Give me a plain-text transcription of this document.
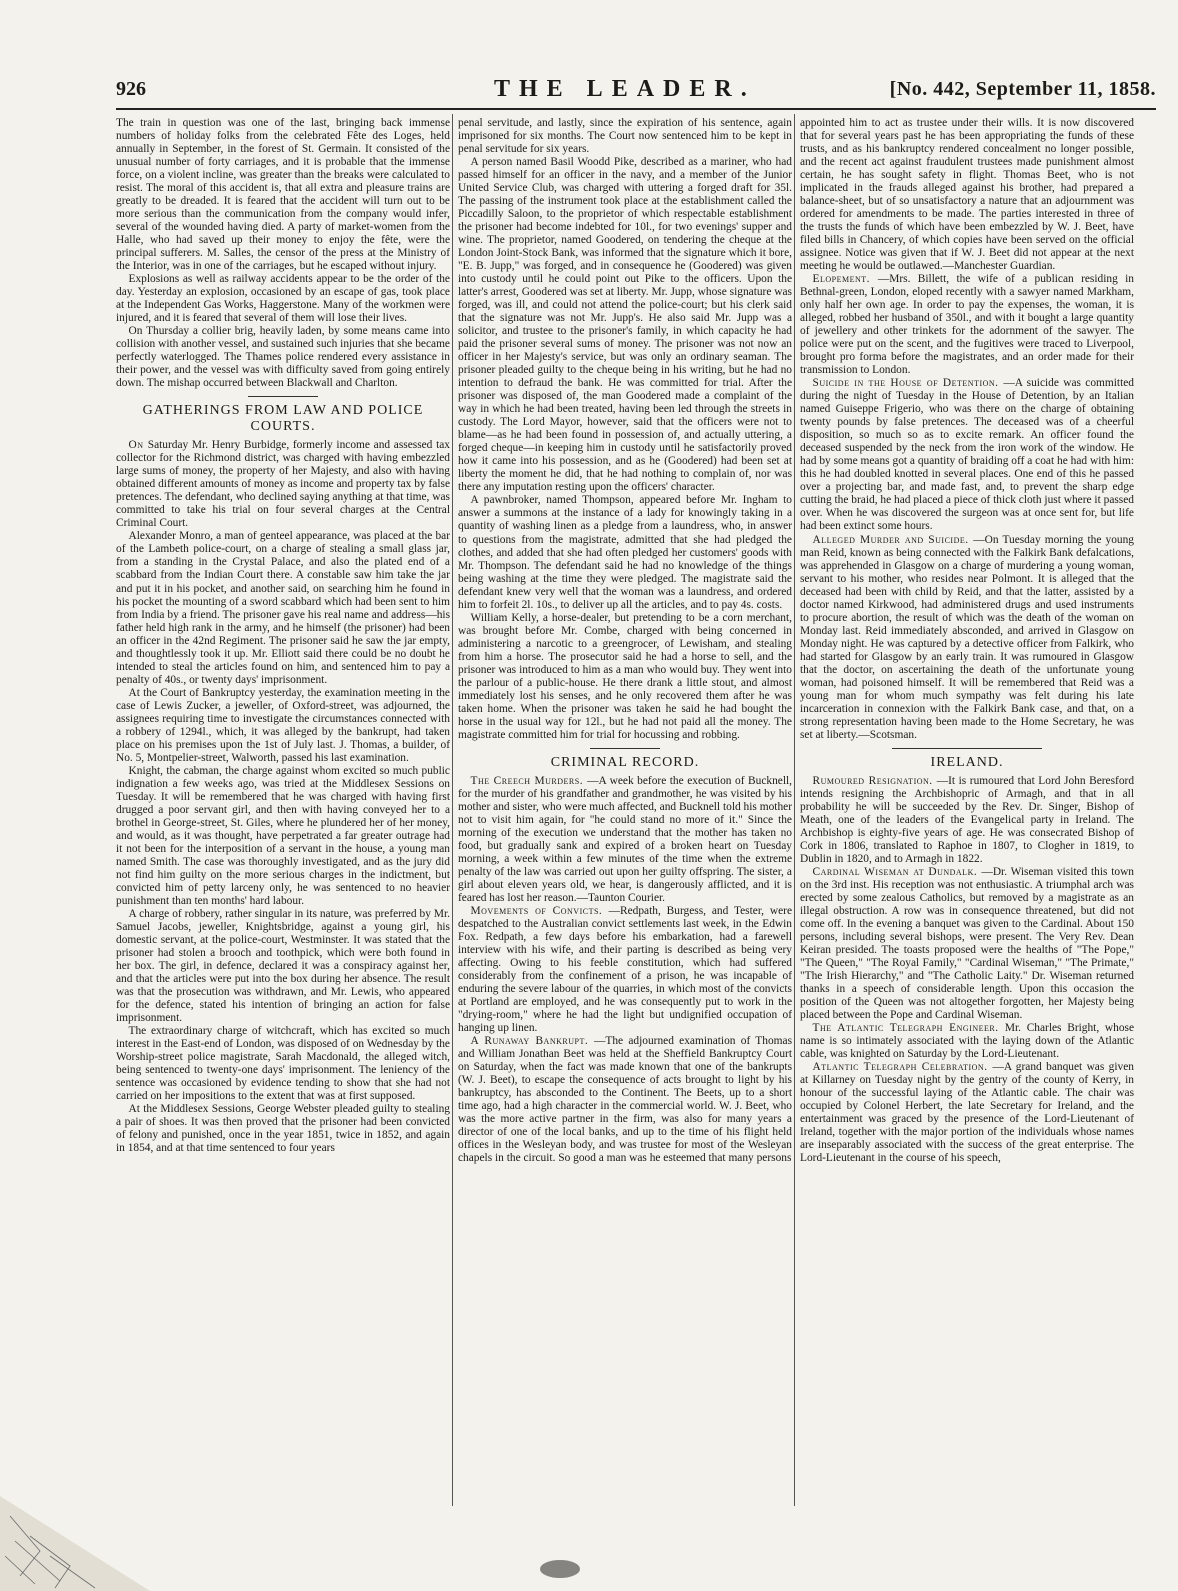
926	THE LEADER.	[No. 442, September 11, 1858.

The train in question was one of the last, bringing back immense numbers of holiday folks from the celebrated Fête des Loges, held annually in September, in the forest of St. Germain. It consisted of the unusual number of forty carriages, and it is probable that the immense force, on a violent incline, was greater than the breaks were calculated to resist. The moral of this accident is, that all extra and pleasure trains are greatly to be dreaded. It is feared that the accident will turn out to be more serious than the communication from the company would infer, several of the wounded having died. A party of market-women from the Halle, who had saved up their money to enjoy the fête, were the principal sufferers. M. Salles, the censor of the press at the Ministry of the Interior, was in one of the carriages, but he escaped without injury.

Explosions as well as railway accidents appear to be the order of the day. Yesterday an explosion, occasioned by an escape of gas, took place at the Independent Gas Works, Haggerstone. Many of the workmen were injured, and it is feared that several of them will lose their lives.

On Thursday a collier brig, heavily laden, by some means came into collision with another vessel, and sustained such injuries that she became perfectly waterlogged. The Thames police rendered every assistance in their power, and the vessel was with difficulty saved from going entirely down. The mishap occurred between Blackwall and Charlton.

GATHERINGS FROM LAW AND POLICE COURTS.

On Saturday Mr. Henry Burbidge, formerly income and assessed tax collector for the Richmond district, was charged with having embezzled large sums of money, the property of her Majesty, and also with having obtained different amounts of money as income and property tax by false pretences. The defendant, who declined saying anything at that time, was committed to take his trial on four several charges at the Central Criminal Court.

Alexander Monro, a man of genteel appearance, was placed at the bar of the Lambeth police-court, on a charge of stealing a small glass jar, from a standing in the Crystal Palace, and also the plated end of a scabbard from the Indian Court there. A constable saw him take the jar and put it in his pocket, and another said, on searching him he found in his pocket the mounting of a sword scabbard which had been sent to him from India by a friend. The prisoner gave his real name and address—his father held high rank in the army, and he himself (the prisoner) had been an officer in the 42nd Regiment. The prisoner said he saw the jar empty, and thoughtlessly took it up. Mr. Elliott said there could be no doubt he intended to steal the articles found on him, and sentenced him to pay a penalty of 40s., or twenty days' imprisonment.

At the Court of Bankruptcy yesterday, the examination meeting in the case of Lewis Zucker, a jeweller, of Oxford-street, was adjourned, the assignees requiring time to investigate the circumstances connected with a robbery of 1294l., which, it was alleged by the bankrupt, had taken place on his premises upon the 1st of July last. J. Thomas, a builder, of No. 5, Montpelier-street, Walworth, passed his last examination.

Knight, the cabman, the charge against whom excited so much public indignation a few weeks ago, was tried at the Middlesex Sessions on Tuesday. It will be remembered that he was charged with having first drugged a poor servant girl, and then with having conveyed her to a brothel in George-street, St. Giles, where he plundered her of her money, and would, as it was thought, have perpetrated a far greater outrage had it not been for the interposition of a servant in the house, a young man named Smith. The case was thoroughly investigated, and as the jury did not find him guilty on the more serious charges in the indictment, but convicted him of petty larceny only, he was sentenced to no heavier punishment than ten months' hard labour.

A charge of robbery, rather singular in its nature, was preferred by Mr. Samuel Jacobs, jeweller, Knightsbridge, against a young girl, his domestic servant, at the police-court, Westminster. It was stated that the prisoner had stolen a brooch and toothpick, which were both found in her box. The girl, in defence, declared it was a conspiracy against her, and that the articles were put into the box during her absence. The result was that the prosecution was withdrawn, and Mr. Lewis, who appeared for the defence, stated his intention of bringing an action for false imprisonment.

The extraordinary charge of witchcraft, which has excited so much interest in the East-end of London, was disposed of on Wednesday by the Worship-street police magistrate, Sarah Macdonald, the alleged witch, being sentenced to twenty-one days' imprisonment. The leniency of the sentence was occasioned by evidence tending to show that she had not carried on her impositions to the extent that was at first supposed.

At the Middlesex Sessions, George Webster pleaded guilty to stealing a pair of shoes. It was then proved that the prisoner had been convicted of felony and punished, once in the year 1851, twice in 1852, and again in 1854, and at that time sentenced to four years

penal servitude, and lastly, since the expiration of his sentence, again imprisoned for six months. The Court now sentenced him to be kept in penal servitude for six years.

A person named Basil Woodd Pike, described as a mariner, who had passed himself for an officer in the navy, and a member of the Junior United Service Club, was charged with uttering a forged draft for 35l. The passing of the instrument took place at the establishment called the Piccadilly Saloon, to the proprietor of which respectable establishment the prisoner had become indebted for 10l., for two evenings' supper and wine. The proprietor, named Goodered, on tendering the cheque at the London Joint-Stock Bank, was informed that the signature which it bore, "E. B. Jupp," was forged, and in consequence he (Goodered) was given into custody until he could point out Pike to the officers. Upon the latter's arrest, Goodered was set at liberty. Mr. Jupp, whose signature was forged, was ill, and could not attend the police-court; but his clerk said that the signature was not Mr. Jupp's. He also said Mr. Jupp was a solicitor, and trustee to the prisoner's family, in which capacity he had paid the prisoner several sums of money. The prisoner was not now an officer in her Majesty's service, but was only an ordinary seaman. The prisoner pleaded guilty to the cheque being in his writing, but he had no intention to defraud the bank. He was committed for trial. After the prisoner was disposed of, the man Goodered made a complaint of the way in which he had been treated, having been led through the streets in custody. The Lord Mayor, however, said that the officers were not to blame—as he had been found in possession of, and actually uttering, a forged cheque—in keeping him in custody until he satisfactorily proved how it came into his possession, and as he (Goodered) had been set at liberty the moment he did, that he had nothing to complain of, nor was there any imputation resting upon the officers' character.

A pawnbroker, named Thompson, appeared before Mr. Ingham to answer a summons at the instance of a lady for knowingly taking in a quantity of washing linen as a pledge from a laundress, who, in answer to questions from the magistrate, admitted that she had pledged the clothes, and added that she had often pledged her customers' goods with Mr. Thompson. The defendant said he had no knowledge of the things being washing at the time they were pledged. The magistrate said the defendant knew very well that the woman was a laundress, and ordered him to forfeit 2l. 10s., to deliver up all the articles, and to pay 4s. costs.

William Kelly, a horse-dealer, but pretending to be a corn merchant, was brought before Mr. Combe, charged with being concerned in administering a narcotic to a greengrocer, of Lewisham, and stealing from him a horse. The prosecutor said he had a horse to sell, and the prisoner was introduced to him as a man who would buy. They went into the parlour of a public-house. He there drank a little stout, and almost immediately lost his senses, and he only recovered them after he was taken home. When the prisoner was taken he said he had bought the horse in the usual way for 12l., but he had not paid all the money. The magistrate committed him for trial for hocussing and robbing.

CRIMINAL RECORD.

The Creech Murders. —A week before the execution of Bucknell, for the murder of his grandfather and grandmother, he was visited by his mother and sister, who were much affected, and Bucknell told his mother not to visit him again, for "he could stand no more of it." Since the morning of the execution we understand that the mother has taken no food, but gradually sank and expired of a broken heart on Tuesday morning, a week within a few minutes of the time when the extreme penalty of the law was carried out upon her guilty offspring. The sister, a girl about eleven years old, we hear, is dangerously afflicted, and it is feared has lost her reason.—Taunton Courier.

Movements of Convicts. —Redpath, Burgess, and Tester, were despatched to the Australian convict settlements last week, in the Edwin Fox. Redpath, a few days before his embarkation, had a farewell interview with his wife, and their parting is described as being very affecting. Owing to his feeble constitution, which had suffered considerably from the confinement of a prison, he was incapable of enduring the severe labour of the quarries, in which most of the convicts at Portland are employed, and he was consequently put to work in the "drying-room," where he had the light but undignified occupation of hanging up linen.

A Runaway Bankrupt. —The adjourned examination of Thomas and William Jonathan Beet was held at the Sheffield Bankruptcy Court on Saturday, when the fact was made known that one of the bankrupts (W. J. Beet), to escape the consequence of acts brought to light by his bankruptcy, has absconded to the Continent. The Beets, up to a short time ago, had a high character in the commercial world. W. J. Beet, who was the more active partner in the firm, was also for many years a director of one of the local banks, and up to the time of his flight held offices in the Wesleyan body, and was trustee for most of the Wesleyan chapels in the circuit. So good a man was he esteemed that many persons

appointed him to act as trustee under their wills. It is now discovered that for several years past he has been appropriating the funds of these trusts, and as his bankruptcy rendered concealment no longer possible, and the recent act against fraudulent trustees made punishment almost certain, he has sought safety in flight. Thomas Beet, who is not implicated in the frauds alleged against his brother, had prepared a balance-sheet, but of so unsatisfactory a nature that an adjournment was ordered for amendments to be made. The parties interested in three of the trusts the funds of which have been embezzled by W. J. Beet, have filed bills in Chancery, of which copies have been served on the official assignee. Notice was given that if W. J. Beet did not appear at the next meeting he would be outlawed.—Manchester Guardian.

Elopement. —Mrs. Billett, the wife of a publican residing in Bethnal-green, London, eloped recently with a sawyer named Markham, only half her own age. In order to pay the expenses, the woman, it is alleged, robbed her husband of 350l., and with it bought a large quantity of jewellery and other trinkets for the adornment of the sawyer. The police were put on the scent, and the fugitives were traced to Liverpool, brought pro forma before the magistrates, and an order made for their transmission to London.

Suicide in the House of Detention. —A suicide was committed during the night of Tuesday in the House of Detention, by an Italian named Guiseppe Frigerio, who was there on the charge of obtaining twenty pounds by false pretences. The deceased was of a cheerful disposition, so much so as to excite remark. An officer found the deceased suspended by the neck from the iron work of the window. He had by some means got a quantity of braiding off a coat he had with him: this he had doubled knotted in several places. One end of this he passed over a projecting bar, and made fast, and, to prevent the sharp edge cutting the braid, he had placed a piece of thick cloth just where it passed over. When he was discovered the surgeon was at once sent for, but life had been extinct some hours.

Alleged Murder and Suicide. —On Tuesday morning the young man Reid, known as being connected with the Falkirk Bank defalcations, was apprehended in Glasgow on a charge of murdering a young woman, servant to his mother, who resides near Polmont. It is alleged that the deceased had been with child by Reid, and that the latter, assisted by a doctor named Kirkwood, had administered drugs and used instruments to procure abortion, the result of which was the death of the woman on Monday last. Reid immediately absconded, and arrived in Glasgow on Monday night. He was captured by a detective officer from Falkirk, who had started for Glasgow by an early train. It was rumoured in Glasgow that the doctor, on ascertaining the death of the unfortunate young woman, had poisoned himself. It will be remembered that Reid was a young man for whom much sympathy was felt during his late incarceration in connexion with the Falkirk Bank case, and that, on a strong representation having been made to the Home Secretary, he was set at liberty.—Scotsman.

IRELAND.

Rumoured Resignation. —It is rumoured that Lord John Beresford intends resigning the Archbishopric of Armagh, and that in all probability he will be succeeded by the Rev. Dr. Singer, Bishop of Meath, one of the leaders of the Evangelical party in Ireland. The Archbishop is eighty-five years of age. He was consecrated Bishop of Cork in 1806, translated to Raphoe in 1807, to Clogher in 1819, to Dublin in 1820, and to Armagh in 1822.

Cardinal Wiseman at Dundalk. —Dr. Wiseman visited this town on the 3rd inst. His reception was not enthusiastic. A triumphal arch was erected by some zealous Catholics, but removed by a magistrate as an illegal obstruction. A row was in consequence threatened, but did not come off. In the evening a banquet was given to the Cardinal. About 150 persons, including several bishops, were present. The Very Rev. Dean Keiran presided. The toasts proposed were the healths of "The Pope," "The Queen," "The Royal Family," "Cardinal Wiseman," "The Primate," "The Irish Hierarchy," and "The Catholic Laity." Dr. Wiseman returned thanks in a speech of considerable length. Upon this occasion the position of the Queen was not altogether forgotten, her Majesty being placed between the Pope and Cardinal Wiseman.

The Atlantic Telegraph Engineer. Mr. Charles Bright, whose name is so intimately associated with the laying down of the Atlantic cable, was knighted on Saturday by the Lord-Lieutenant.

Atlantic Telegraph Celebration. —A grand banquet was given at Killarney on Tuesday night by the gentry of the county of Kerry, in honour of the successful laying of the Atlantic cable. The chair was occupied by Colonel Herbert, the late Secretary for Ireland, and the entertainment was graced by the presence of the Lord-Lieutenant of Ireland, together with the major portion of the individuals whose names are inseparably associated with the success of the great enterprise. The Lord-Lieutenant in the course of his speech,
